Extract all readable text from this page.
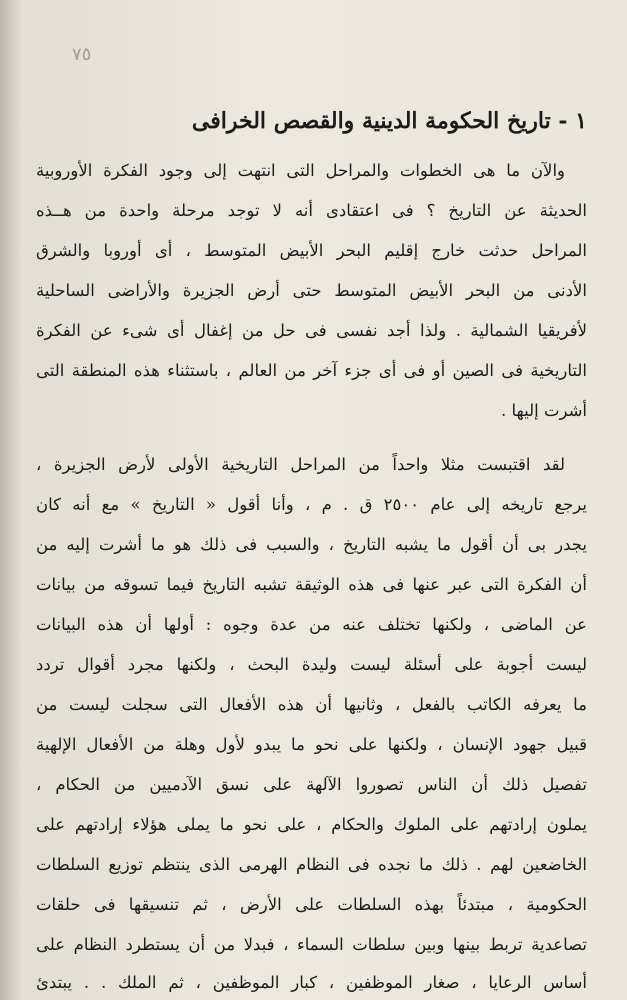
٧٥
١ - تاريخ الحكومة الدينية والقصص الخرافى
والآن ما هى الخطوات والمراحل التى انتهت إلى وجود الفكرة الأوروبية
الحديثة عن التاريخ ؟ فى اعتقادى أنه لا توجد مرحلة واحدة من هــذه
المراحل حدثت خارج إقليم البحر الأبيض المتوسط ، أى أوروبا والشرق
الأدنى من البحر الأبيض المتوسط حتى أرض الجزيرة والأراضى الساحلية
لأفريقيا الشمالية . ولذا أجد نفسى فى حل من إغفال أى شىء عن الفكرة
التاريخية فى الصين أو فى أى جزء آخر من العالم ، باستثناء هذه المنطقة التى
أشرت إليها .
لقد اقتبست مثلا واحداً من المراحل التاريخية الأولى لأرض الجزيرة ،
يرجع تاريخه إلى عام ٢٥٠٠ ق . م ، وأنا أقول « التاريخ » مع أنه كان
يجدر بى أن أقول ما يشبه التاريخ ، والسبب فى ذلك هو ما أشرت إليه من
أن الفكرة التى عبر عنها فى هذه الوثيقة تشبه التاريخ فيما تسوقه من بيانات
عن الماضى ، ولكنها تختلف عنه من عدة وجوه : أولها أن هذه البيانات
ليست أجوبة على أسئلة ليست وليدة البحث ، ولكنها مجرد أقوال تردد
ما يعرفه الكاتب بالفعل ، وثانيها أن هذه الأفعال التى سجلت ليست من
قبيل جهود الإنسان ، ولكنها على نحو ما يبدو لأول وهلة من الأفعال الإلهية
تفصيل ذلك أن الناس تصوروا الآلهة على نسق الآدميين من الحكام ،
يملون إرادتهم على الملوك والحكام ، على نحو ما يملى هؤلاء إرادتهم على
الخاضعين لهم . ذلك ما نجده فى النظام الهرمى الذى ينتظم توزيع السلطات
الحكومية ، مبتدئاً بهذه السلطات على الأرض ، ثم تنسيقها فى حلقات
تصاعدية تربط بينها وبين سلطات السماء ، فبدلا من أن يستطرد النظام على
أساس الرعايا ، صغار الموظفين ، كبار الموظفين ، ثم الملك . . يبتدئ
